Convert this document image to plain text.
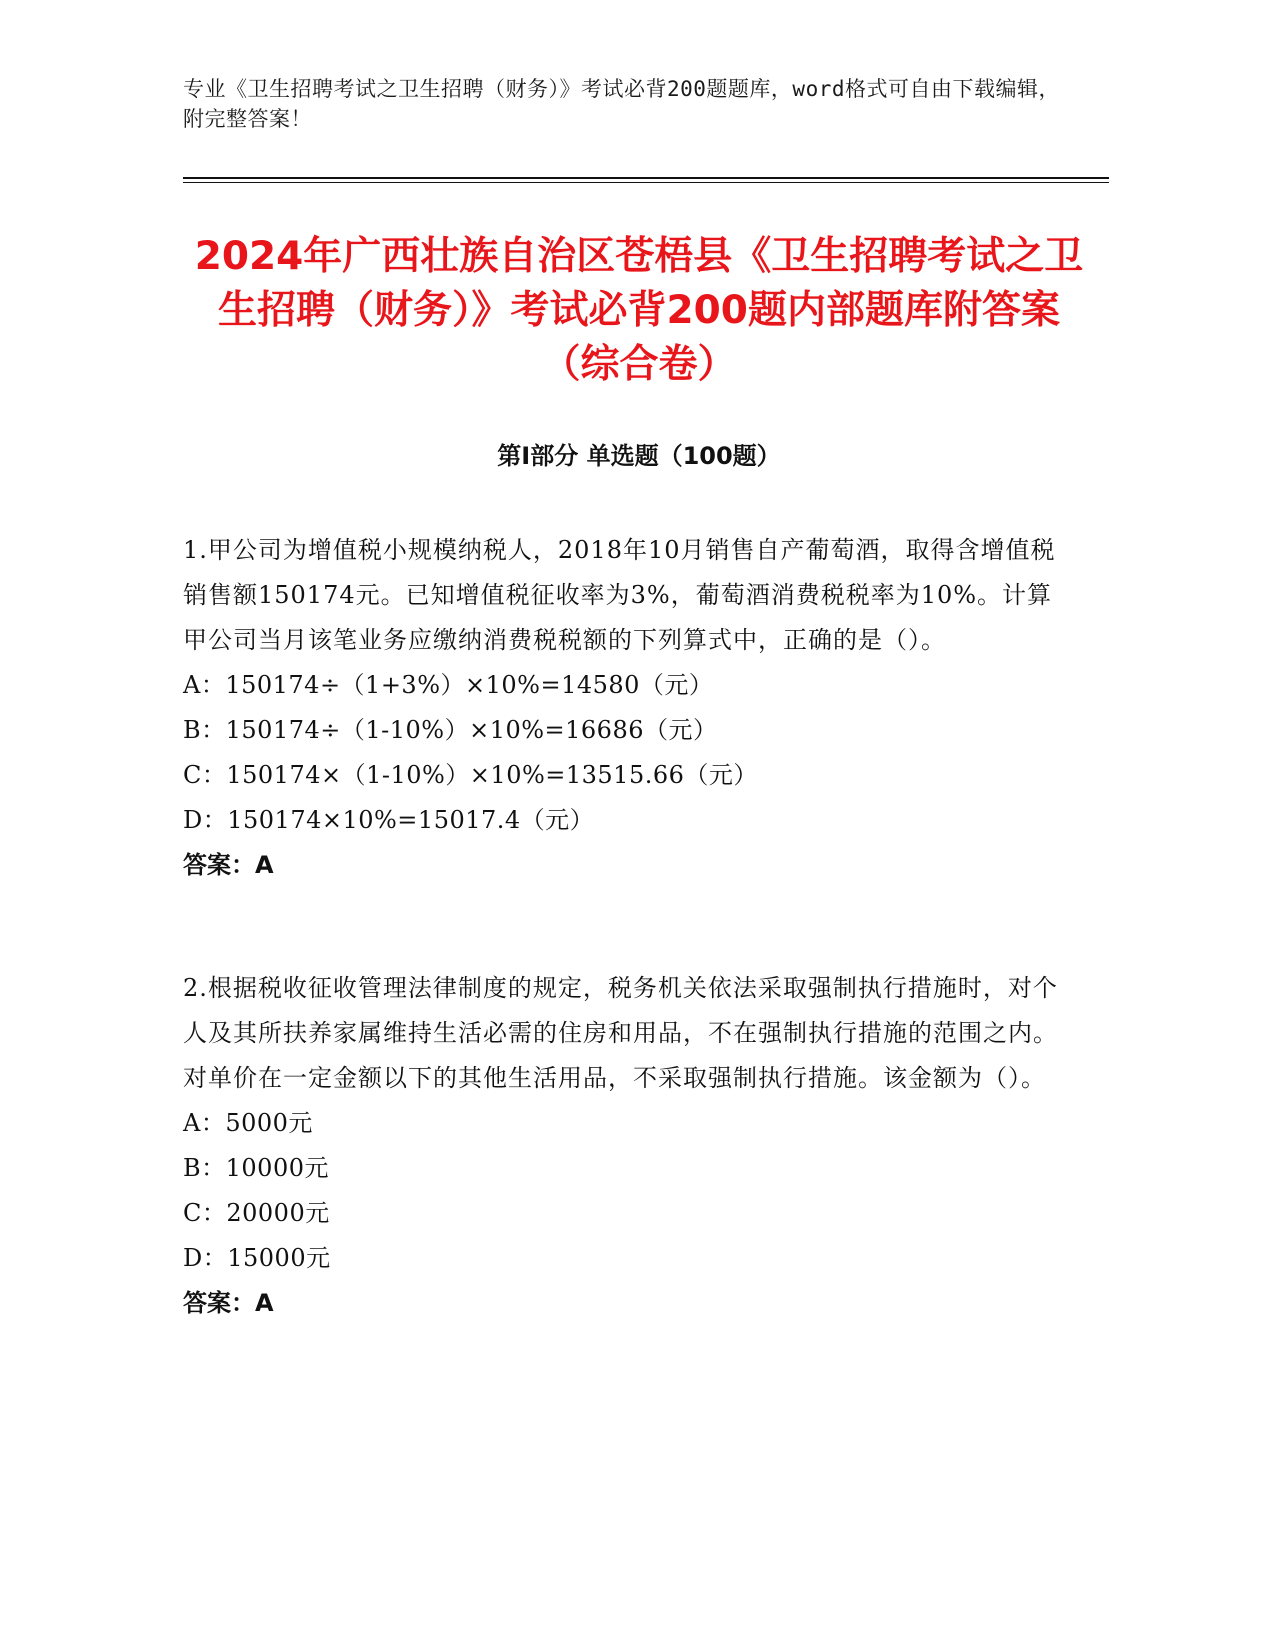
专业《卫生招聘考试之卫生招聘（财务）》考试必背200题题库，word格式可自由下载编辑，附完整答案！
2024年广西壮族自治区苍梧县《卫生招聘考试之卫生招聘（财务）》考试必背200题内部题库附答案（综合卷）
第I部分 单选题（100题）

1.甲公司为增值税小规模纳税人，2018年10月销售自产葡萄酒，取得含增值税销售额150174元。已知增值税征收率为3%，葡萄酒消费税税率为10%。计算甲公司当月该笔业务应缴纳消费税税额的下列算式中，正确的是（）。

A：150174÷（1+3%）×10%=14580（元）

B：150174÷（1-10%）×10%=16686（元）

C：150174×（1-10%）×10%=13515.66（元）

D：150174×10%=15017.4（元）

答案：A

2.根据税收征收管理法律制度的规定，税务机关依法采取强制执行措施时，对个人及其所扶养家属维持生活必需的住房和用品，不在强制执行措施的范围之内。对单价在一定金额以下的其他生活用品，不采取强制执行措施。该金额为（）。

A：5000元

B：10000元

C：20000元

D：15000元

答案：A
